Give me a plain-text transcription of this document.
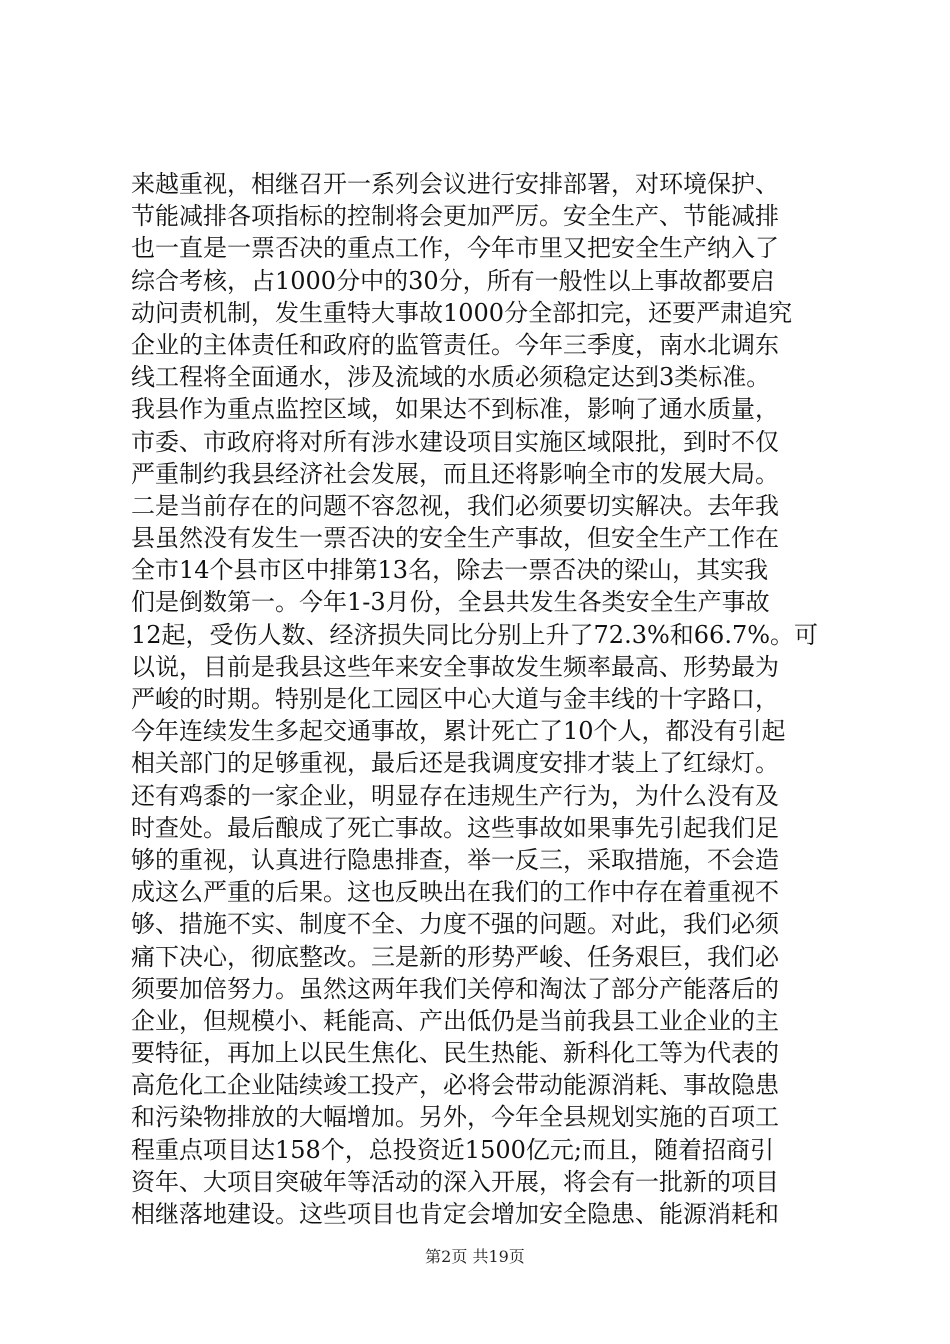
来越重视，相继召开一系列会议进行安排部署，对环境保护、
节能减排各项指标的控制将会更加严厉。安全生产、节能减排
也一直是一票否决的重点工作，今年市里又把安全生产纳入了
综合考核，占1000分中的30分，所有一般性以上事故都要启
动问责机制，发生重特大事故1000分全部扣完，还要严肃追究
企业的主体责任和政府的监管责任。今年三季度，南水北调东
线工程将全面通水，涉及流域的水质必须稳定达到3类标准。
我县作为重点监控区域，如果达不到标准，影响了通水质量，
市委、市政府将对所有涉水建设项目实施区域限批，到时不仅
严重制约我县经济社会发展，而且还将影响全市的发展大局。
二是当前存在的问题不容忽视，我们必须要切实解决。去年我
县虽然没有发生一票否决的安全生产事故，但安全生产工作在
全市14个县市区中排第13名，除去一票否决的梁山，其实我
们是倒数第一。今年1-3月份，全县共发生各类安全生产事故
12起，受伤人数、经济损失同比分别上升了72.3%和66.7%。可
以说，目前是我县这些年来安全事故发生频率最高、形势最为
严峻的时期。特别是化工园区中心大道与金丰线的十字路口，
今年连续发生多起交通事故，累计死亡了10个人，都没有引起
相关部门的足够重视，最后还是我调度安排才装上了红绿灯。
还有鸡黍的一家企业，明显存在违规生产行为，为什么没有及
时查处。最后酿成了死亡事故。这些事故如果事先引起我们足
够的重视，认真进行隐患排查，举一反三，采取措施，不会造
成这么严重的后果。这也反映出在我们的工作中存在着重视不
够、措施不实、制度不全、力度不强的问题。对此，我们必须
痛下决心，彻底整改。三是新的形势严峻、任务艰巨，我们必
须要加倍努力。虽然这两年我们关停和淘汰了部分产能落后的
企业，但规模小、耗能高、产出低仍是当前我县工业企业的主
要特征，再加上以民生焦化、民生热能、新科化工等为代表的
高危化工企业陆续竣工投产，必将会带动能源消耗、事故隐患
和污染物排放的大幅增加。另外，今年全县规划实施的百项工
程重点项目达158个，总投资近1500亿元;而且，随着招商引
资年、大项目突破年等活动的深入开展，将会有一批新的项目
相继落地建设。这些项目也肯定会增加安全隐患、能源消耗和
第2页 共19页
